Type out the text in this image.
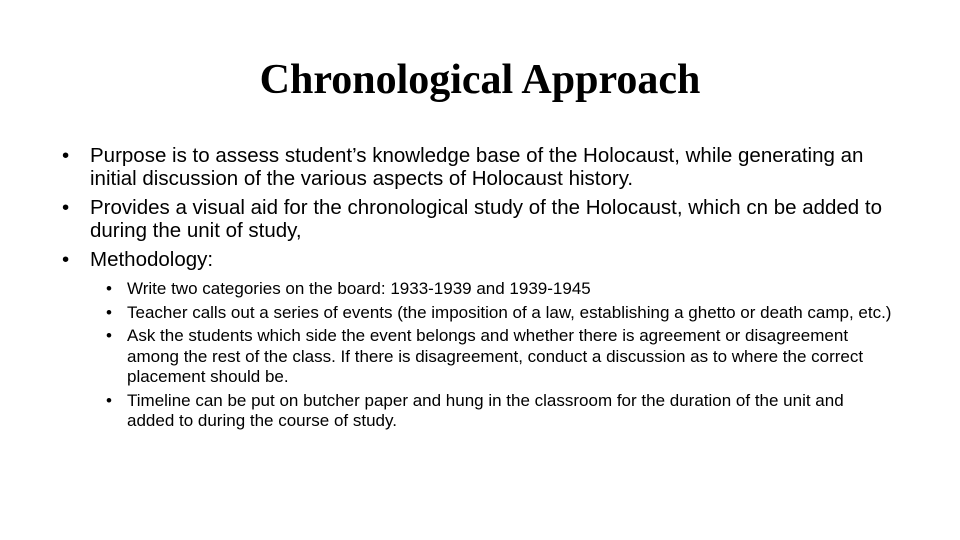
Chronological Approach
• Purpose is to assess student’s knowledge base of the Holocaust, while generating an initial discussion of the various aspects of Holocaust history.
• Provides a visual aid for the chronological study of the Holocaust, which cn be added to during the unit of study,
• Methodology:
• Write two categories on the board: 1933-1939 and 1939-1945
• Teacher calls out a series of events (the imposition of a law, establishing a ghetto or death camp, etc.)
• Ask the students which side the event belongs and whether there is agreement or disagreement among the rest of the class. If there is disagreement, conduct a discussion as to where the correct placement should be.
• Timeline can be put on butcher paper and hung in the classroom for the duration of the unit and added to during the course of study.
